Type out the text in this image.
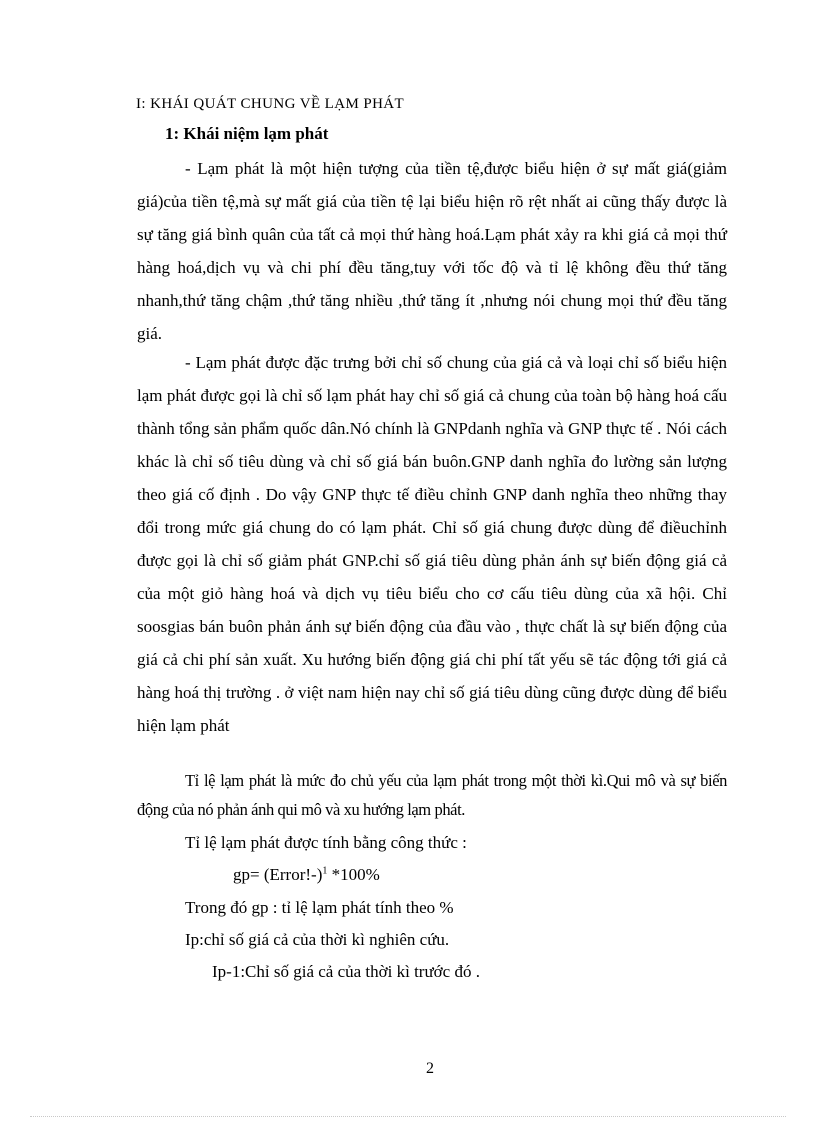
I: KHÁI QUÁT CHUNG VỀ LẠM PHÁT
1: Khái niệm lạm phát

- Lạm phát là một hiện tượng của tiền tệ,được biểu hiện ở sự mất giá(giảm giá)của tiền tệ,mà sự mất giá của tiền tệ lại biểu hiện rõ rệt nhất ai cũng thấy được là sự tăng giá bình quân của tất cả mọi thứ hàng hoá.Lạm phát xảy ra khi giá cả mọi thứ hàng hoá,dịch vụ và chi phí đều tăng,tuy với tốc độ và tỉ lệ không đều thứ tăng nhanh,thứ tăng chậm ,thứ tăng nhiều ,thứ tăng ít ,nhưng nói chung mọi thứ đều tăng giá.

- Lạm phát được đặc trưng bởi chỉ số chung của giá cả và loại chỉ số biểu hiện lạm phát được gọi là chỉ số lạm phát hay chỉ số giá cả chung của toàn bộ hàng hoá cấu thành tổng sản phẩm quốc dân.Nó chính là GNPdanh nghĩa và GNP thực tế . Nói cách khác là chỉ số tiêu dùng và chỉ số giá bán buôn.GNP danh nghĩa đo lường sản lượng theo giá cố định . Do vậy GNP thực tế điều chỉnh GNP danh nghĩa theo những thay đổi trong mức giá chung do có lạm phát. Chỉ số giá chung được dùng để điềuchỉnh được gọi là chỉ số giảm phát GNP.chỉ số giá tiêu dùng phản ánh sự biến động giá cả của một giỏ hàng hoá và dịch vụ tiêu biểu cho cơ cấu tiêu dùng của xã hội. Chỉ soosgias bán buôn phản ánh sự biến động của đầu vào , thực chất là sự biến động của giá cả chi phí sản xuất. Xu hướng biến động giá chi phí tất yếu sẽ tác động tới giá cả hàng hoá thị trường . ở việt nam hiện nay chỉ số giá tiêu dùng cũng được dùng để biểu hiện lạm phát

Tỉ lệ lạm phát là mức đo chủ yếu của lạm phát trong một thời kì.Qui mô và sự biến động của nó phản ánh qui mô và xu hướng lạm phát.

Tỉ lệ lạm phát được tính bằng công thức :
gp= (Error!-)$^1$ *100%
Trong đó gp : tỉ lệ lạm phát tính theo %
Ip:chỉ số giá cả của thời kì nghiên cứu.
Ip-1:Chỉ số giá cả của thời kì trước đó .
2
